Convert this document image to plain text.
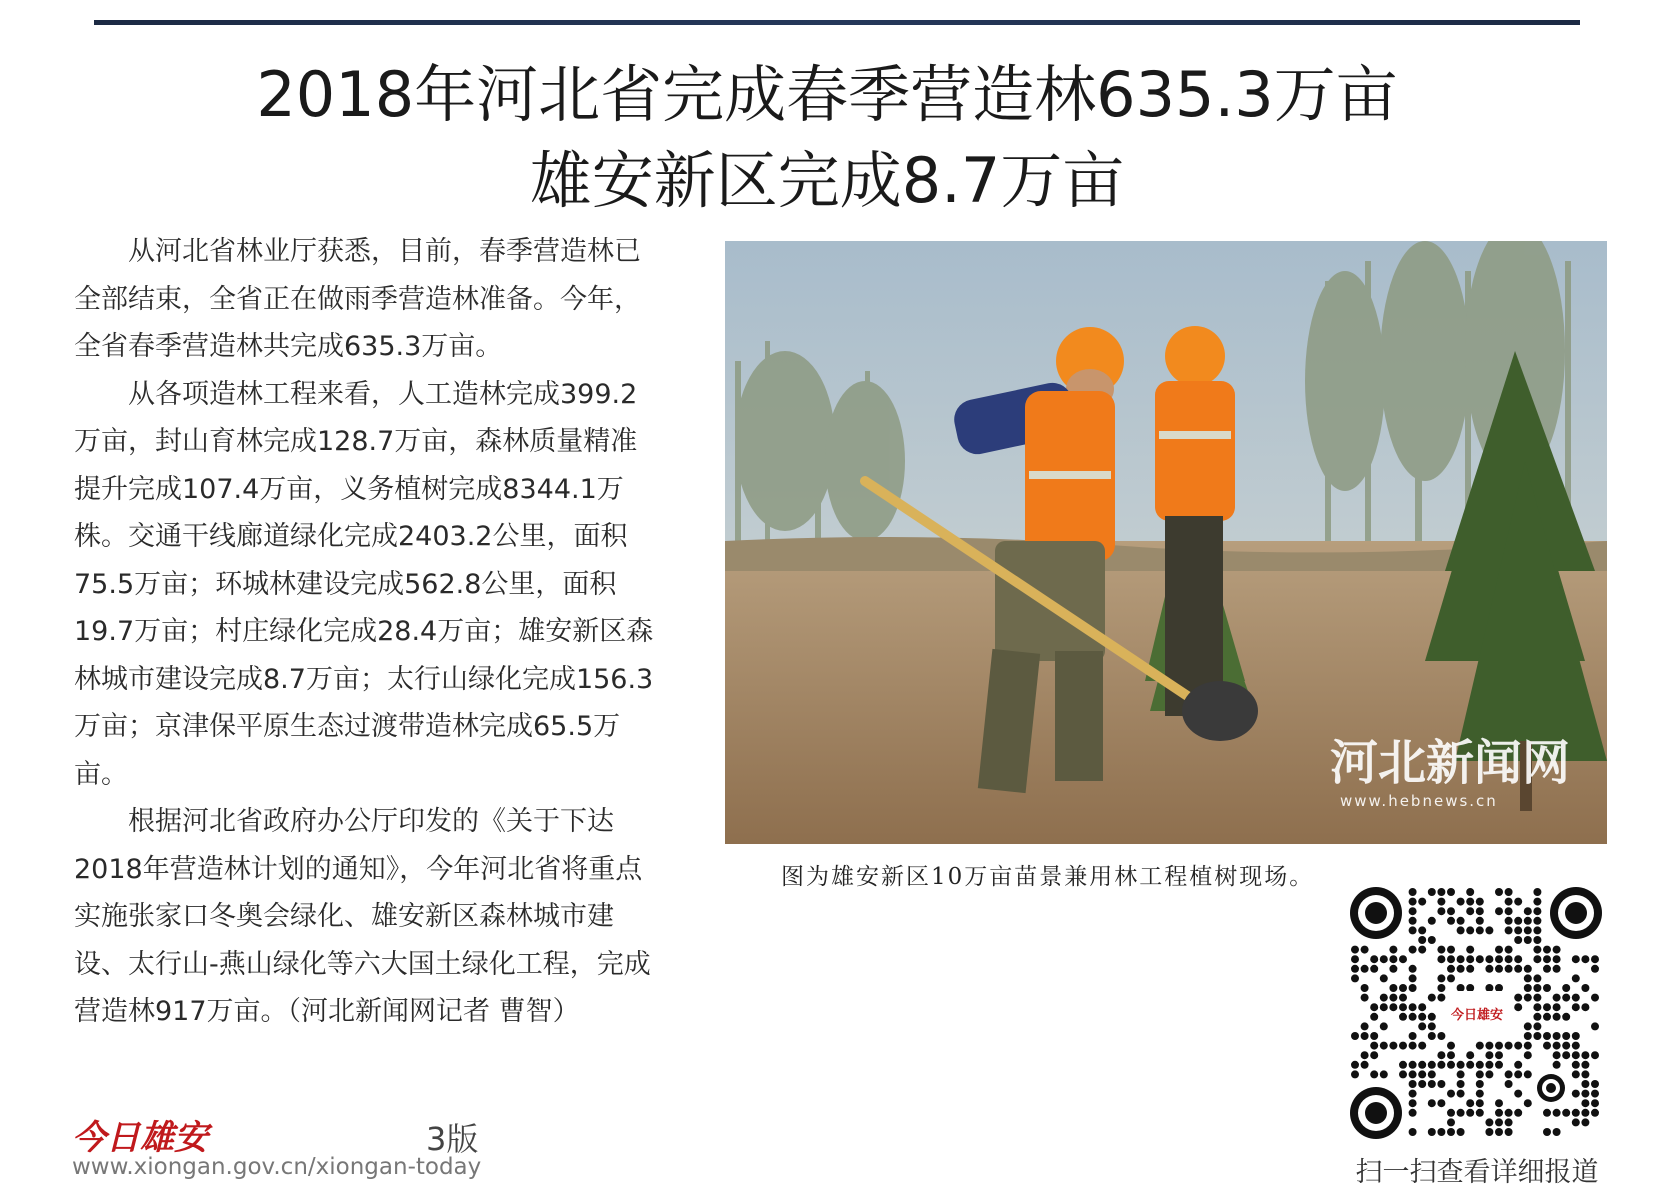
2018年河北省完成春季营造林635.3万亩
雄安新区完成8.7万亩

从河北省林业厅获悉，目前，春季营造林已全部结束，全省正在做雨季营造林准备。今年，全省春季营造林共完成635.3万亩。

从各项造林工程来看，人工造林完成399.2万亩，封山育林完成128.7万亩，森林质量精准提升完成107.4万亩，义务植树完成8344.1万株。交通干线廊道绿化完成2403.2公里，面积75.5万亩；环城林建设完成562.8公里，面积19.7万亩；村庄绿化完成28.4万亩；雄安新区森林城市建设完成8.7万亩；太行山绿化完成156.3万亩；京津保平原生态过渡带造林完成65.5万亩。

根据河北省政府办公厅印发的《关于下达2018年营造林计划的通知》，今年河北省将重点实施张家口冬奥会绿化、雄安新区森林城市建设、太行山-燕山绿化等六大国土绿化工程，完成营造林917万亩。（河北新闻网记者 曹智）

河北新闻网
www.hebnews.cn
图为雄安新区10万亩苗景兼用林工程植树现场。
今日雄安
扫一扫查看详细报道
今日雄安	3版
www.xiongan.gov.cn/xiongan-today
